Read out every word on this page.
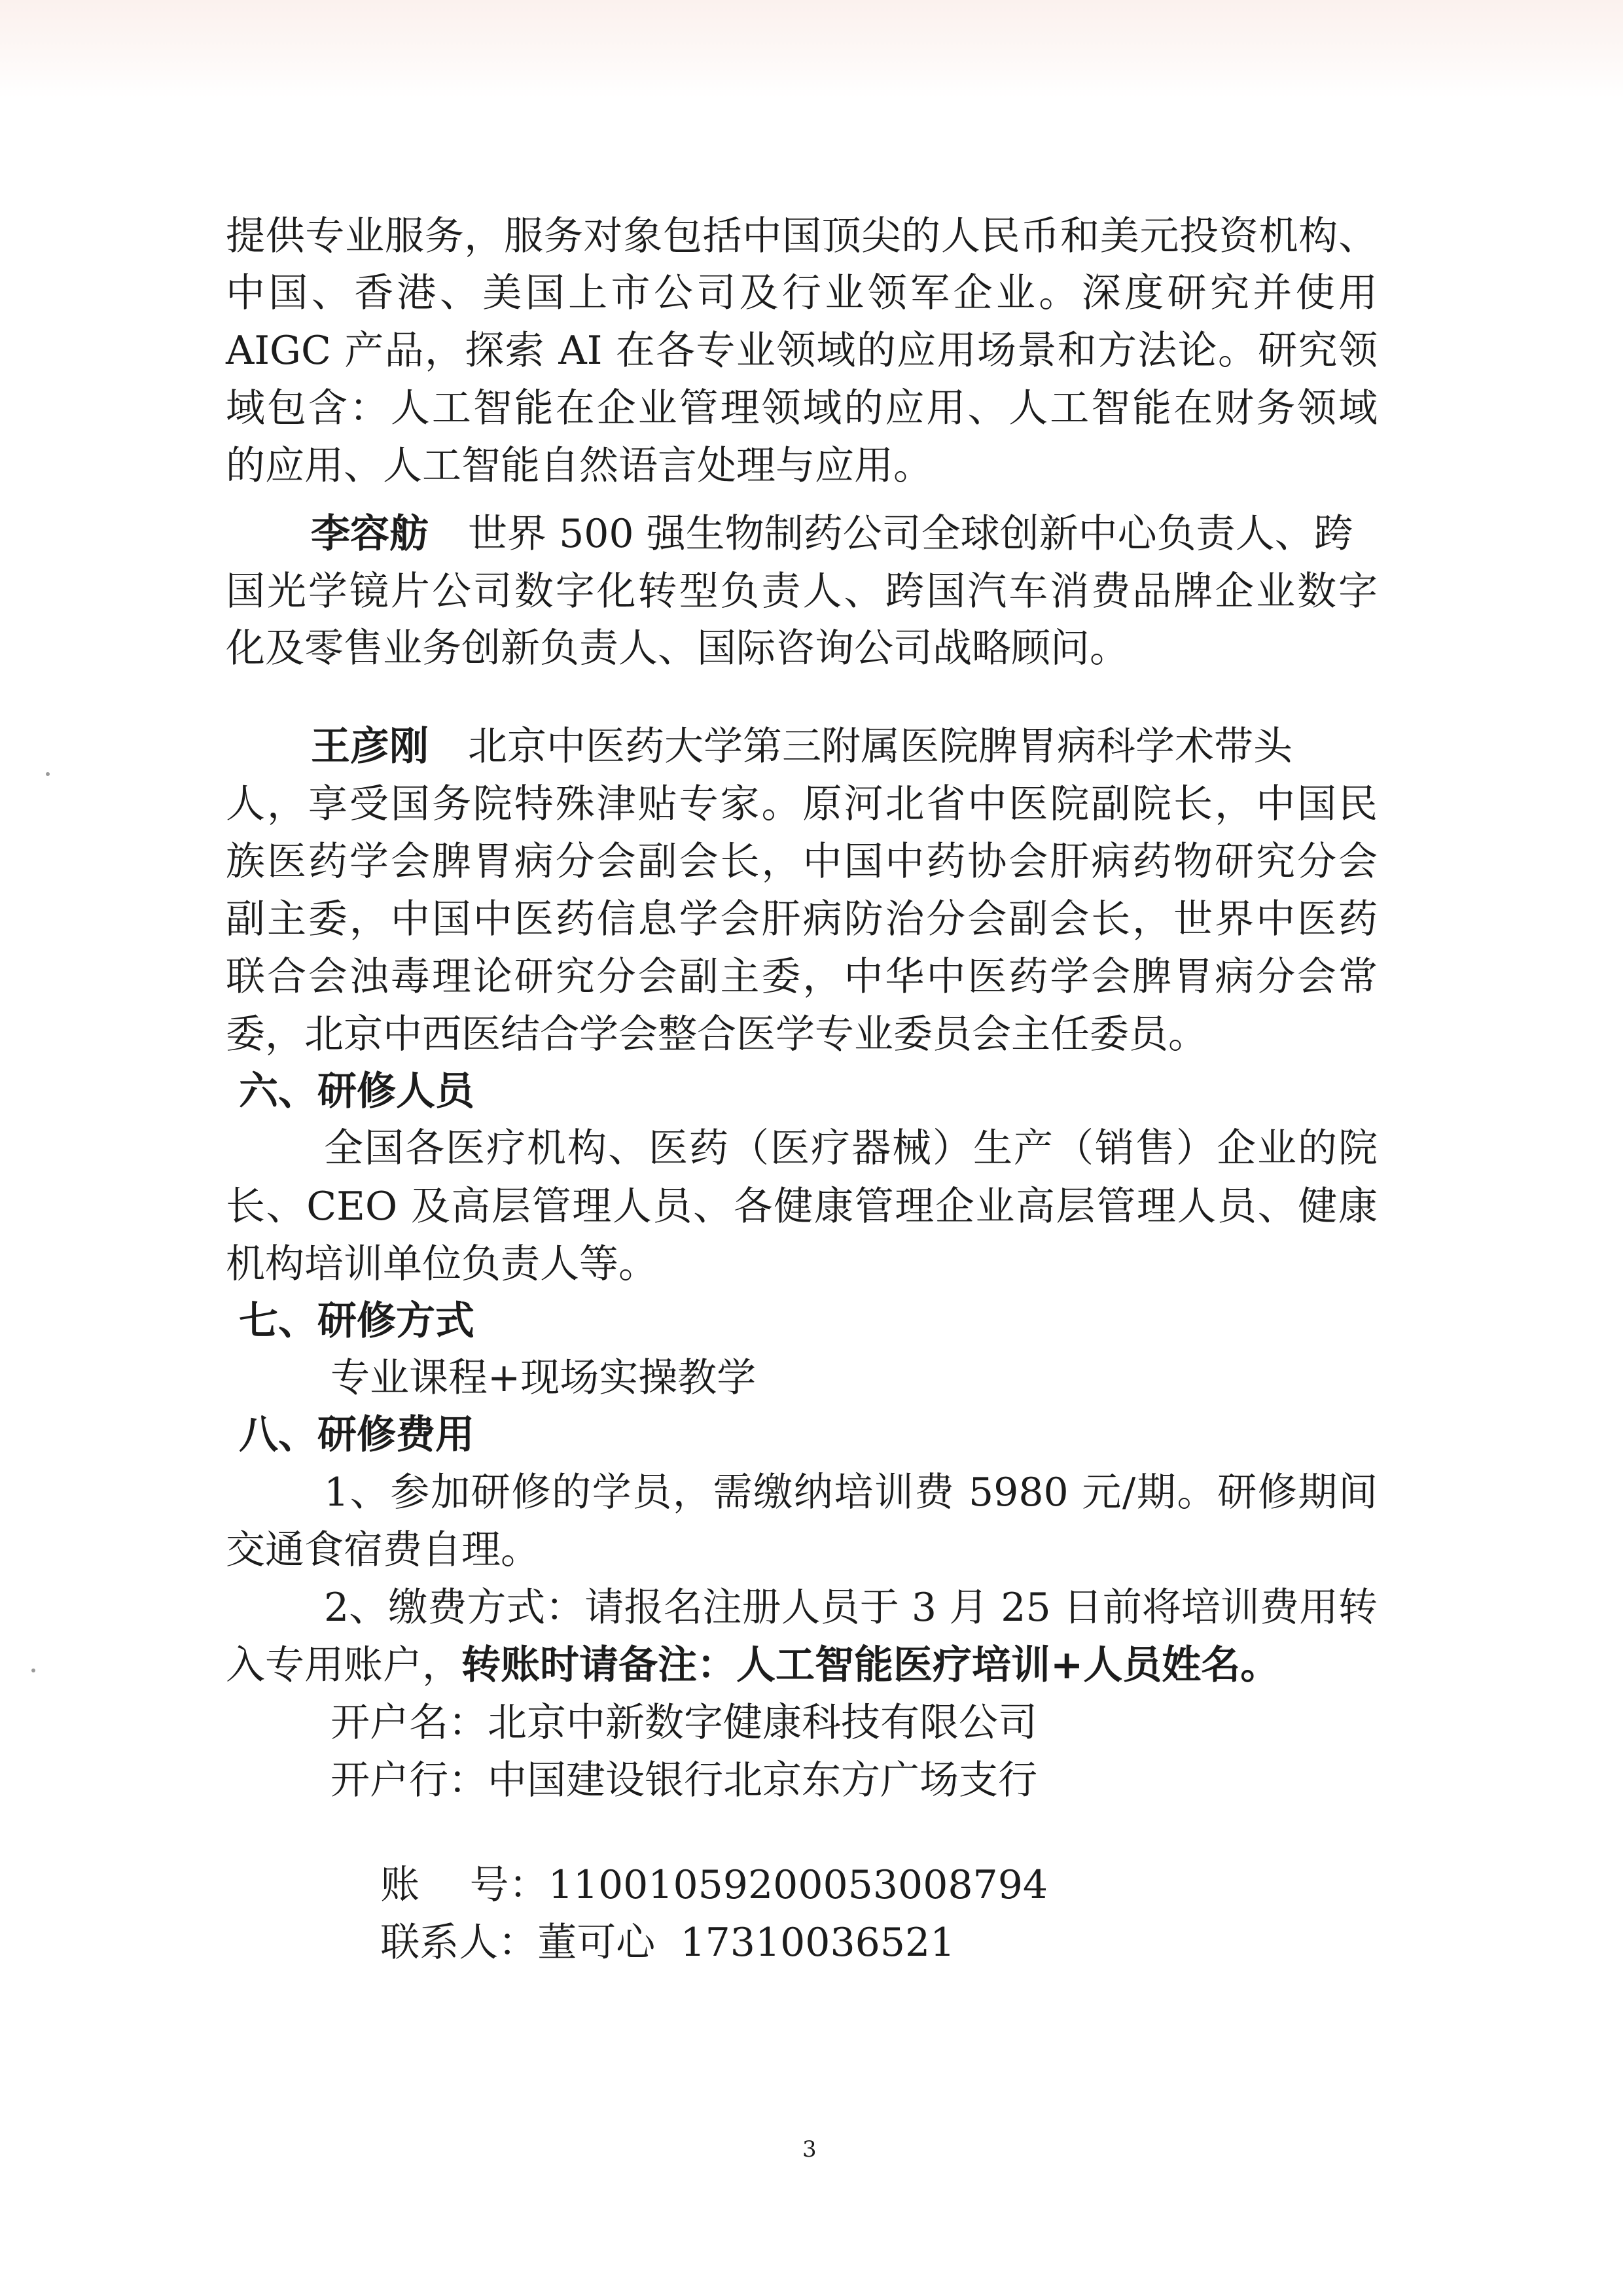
提供专业服务，服务对象包括中国顶尖的人民币和美元投资机构、
中国、香港、美国上市公司及行业领军企业。深度研究并使用
AIGC 产品，探索 AI 在各专业领域的应用场景和方法论。研究领
域包含：人工智能在企业管理领域的应用、人工智能在财务领域
的应用、人工智能自然语言处理与应用。
李容舫 世界 500 强生物制药公司全球创新中心负责人、跨
国光学镜片公司数字化转型负责人、跨国汽车消费品牌企业数字
化及零售业务创新负责人、国际咨询公司战略顾问。
王彦刚 北京中医药大学第三附属医院脾胃病科学术带头
人，享受国务院特殊津贴专家。原河北省中医院副院长，中国民
族医药学会脾胃病分会副会长，中国中药协会肝病药物研究分会
副主委，中国中医药信息学会肝病防治分会副会长，世界中医药
联合会浊毒理论研究分会副主委，中华中医药学会脾胃病分会常
委，北京中西医结合学会整合医学专业委员会主任委员。
六、研修人员
全国各医疗机构、医药（医疗器械）生产（销售）企业的院
长、CEO 及高层管理人员、各健康管理企业高层管理人员、健康
机构培训单位负责人等。
七、研修方式
专业课程+现场实操教学
八、研修费用
1、参加研修的学员，需缴纳培训费 5980 元/期。研修期间
交通食宿费自理。
2、缴费方式：请报名注册人员于 3 月 25 日前将培训费用转
入专用账户，转账时请备注：人工智能医疗培训+人员姓名。
开户名：北京中新数字健康科技有限公司
开户行：中国建设银行北京东方广场支行

账    号：11001059200053008794

联系人：董可心  17310036521

3
